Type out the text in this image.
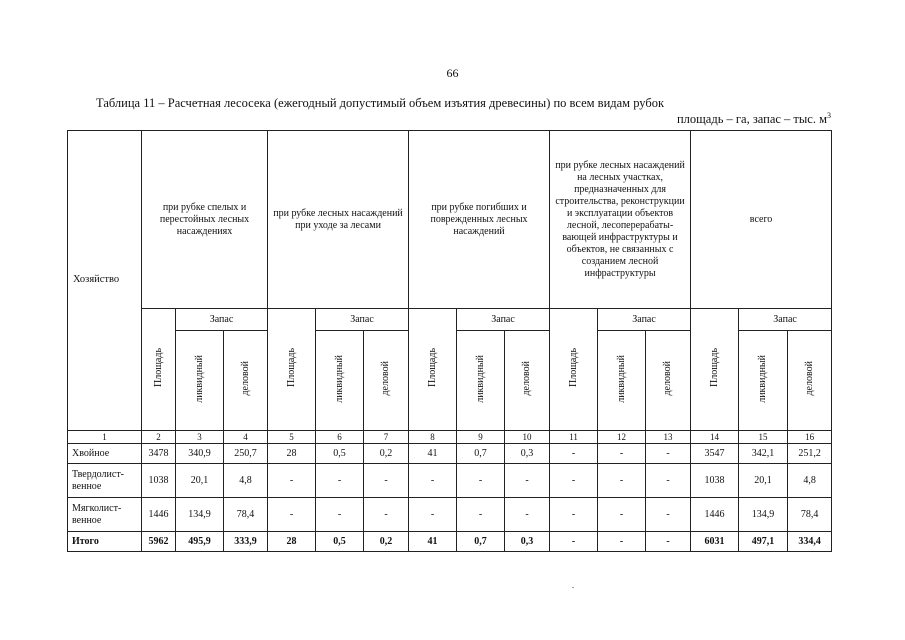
66
Таблица 11 – Расчетная лесосека (ежегодный допустимый объем изъятия древесины) по всем видам рубок
площадь – га, запас – тыс. $м^3$
Хозяйство	при рубке спелых и перестойных лесных насаждениях			при рубке лесных насаждений при уходе за лесами			при рубке погибших и поврежденных лесных насаждений			при рубке лесных насаждений на лесных участках, предназначенных для строительства, реконструкции и эксплуатации объектов лесной, лесоперерабаты-вающей инфраструктуры и объектов, не связанных с созданием лесной инфраструктуры			всего		
	Площадь	Запас		Площадь	Запас		Площадь	Запас		Площадь	Запас		Площадь	Запас	
		ликвидный	деловой		ликвидный	деловой		ликвидный	деловой		ликвидный	деловой		ликвидный	деловой
1	2	3	4	5	6	7	8	9	10	11	12	13	14	15	16
Хвойное	3478	340,9	250,7	28	0,5	0,2	41	0,7	0,3	-	-	-	3547	342,1	251,2
Твердолист-венное	1038	20,1	4,8	-	-	-	-	-	-	-	-	-	1038	20,1	4,8
Мягколист-венное	1446	134,9	78,4	-	-	-	-	-	-	-	-	-	1446	134,9	78,4
Итого	5962	495,9	333,9	28	0,5	0,2	41	0,7	0,3	-	-	-	6031	497,1	334,4
